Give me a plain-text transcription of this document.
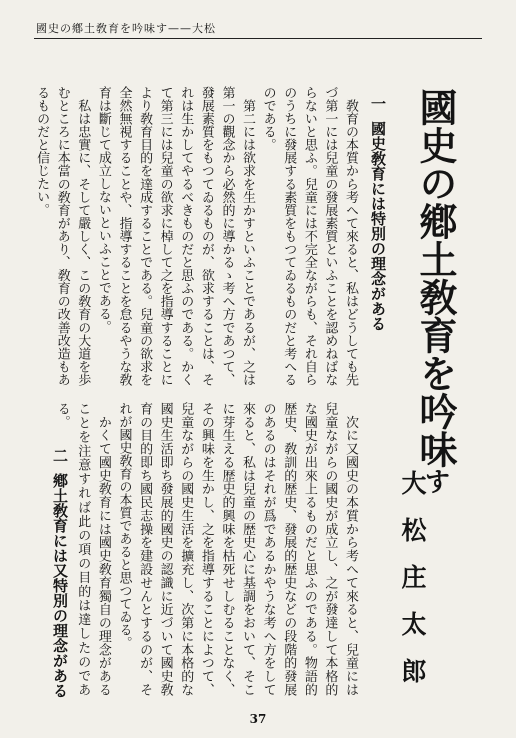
國史の鄕土敎育を吟味す——大松
國史の鄕土敎育を吟味す
一國史敎育には特別の理念がある

　敎育の本質から考へて來ると、私はどうしても先づ第一には兒童の發展素質といふことを認めねばならないと思ふ。兒童には不完全ながらも、それ自らのうちに發展する素質をもつてゐるものだと考へるのである。

　第二には欲求を生かすといふことであるが、之は第一の觀念から必然的に導かるゝ考へ方であつて、發展素質をもつてゐるものが、欲求することは、それは生かしてやるべきものだと思ふのである。かくて第三には兒童の欲求に棹して之を指導することにより敎育目的を達成することである。兒童の欲求を全然無視することや、指導することを怠るやうな敎育は斷じて成立しないといふことである。

　私は忠實に、そして嚴しく、この敎育の大道を歩むところに本當の敎育があり、敎育の改善改造もあるものだと信じたい。

　次に又國史の本質から考へて來ると、兒童には兒童ながらの國史が成立し、之が發達して本格的な國史が出來上るものだと思ふのである。物語的歴史、敎訓的歴史、發展的歴史などの段階的發展のあるのはそれが爲であるかやうな考へ方をして來ると、私は兒童の歴史心に基調をおいて、そこに芽生える歴史的興味を枯死せしむることなく、その興味を生かし、之を指導することによつて、兒童ながらの國史生活を擴充し、次第に本格的な國史生活即ち發展的國史の認識に近づいて國史敎育の目的即ち國民志操を建設せんとするのが、それが國史敎育の本質であると思つてゐる。

　かくて國史敎育には國史敎育獨自の理念があることを注意すれば此の項の目的は達したのである。

二鄕土敎育には又特別の理念がある	大松庄太郎
37
